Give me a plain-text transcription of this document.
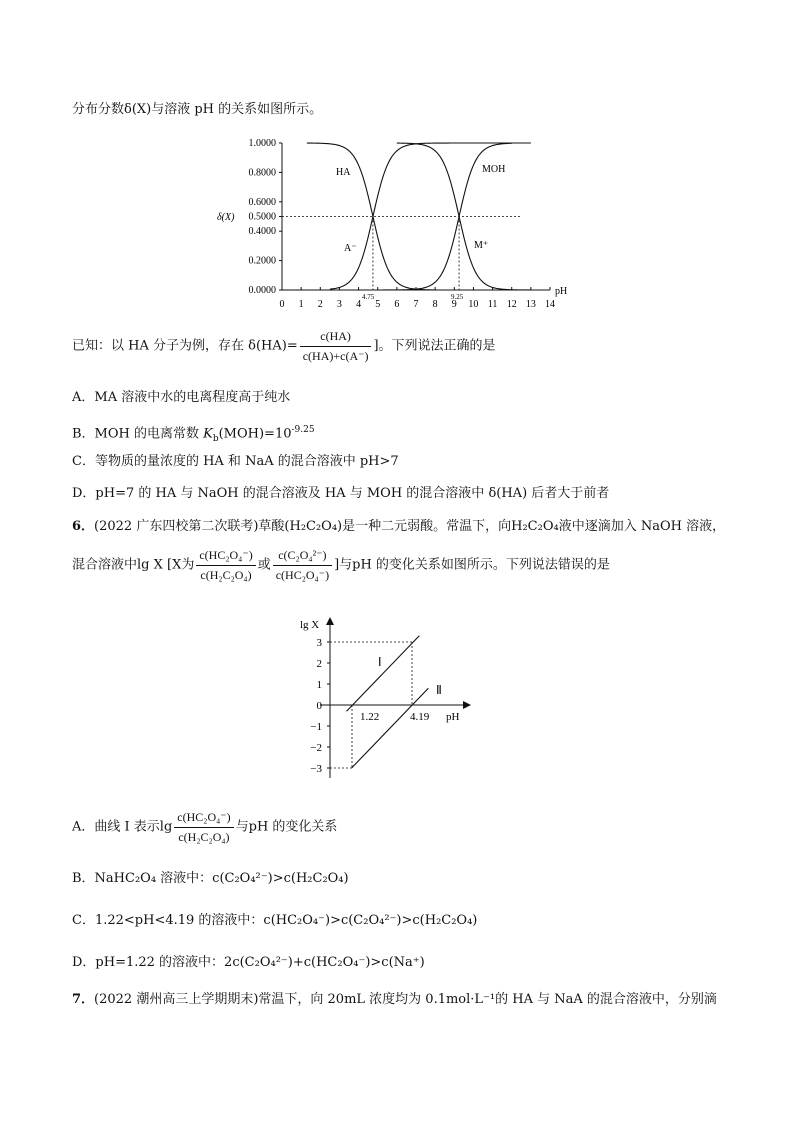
分布分数δ(X)与溶液 pH 的关系如图所示。
1.0000
0.8000
0.6000
0.5000
0.4000
0.2000
0.0000
0 1 2 3 4 5 6 7 8 9 10 11 12 13 14
δ(X)
pH
HA	MOH
A⁻	M⁺
4.75	9.25
已知：以 HA 分子为例，存在 $\delta(HA)= \frac{c(HA)}{c(HA)+c(A^-)}$ ]。下列说法正确的是
A．MA 溶液中水的电离程度高于纯水
B．MOH 的电离常数 $K_b(MOH)=10^{-9.25}$
C．等物质的量浓度的 HA 和 NaA 的混合溶液中 pH>7
D．pH=7 的 HA 与 NaOH 的混合溶液及 HA 与 MOH 的混合溶液中 δ(HA) 后者大于前者
6．(2022 广东四校第二次联考)草酸(H₂C₂O₄)是一种二元弱酸。常温下，向H₂C₂O₄液中逐滴加入 NaOH 溶液，
混合溶液中lg X [X为 $\frac{\text{c(HC₂O₄⁻)}}{\text{c(H₂C₂O₄)}}$ 或 $\frac{\text{c(C₂O₄²⁻)}}{\text{c(HC₂O₄⁻)}}$ ]与pH 的变化关系如图所示。下列说法错误的是
3
2
1
0
−1
−2
−3
lg X
pH
1.22	4.19
Ⅰ
Ⅱ
A．曲线 I 表示$\lg \frac{\text{c(HC₂O₄⁻)}}{\text{c(H₂C₂O₄)}}$ 与pH 的变化关系
B．NaHC₂O₄ 溶液中：c(C₂O₄²⁻)>c(H₂C₂O₄)
C．1.22<pH<4.19 的溶液中：c(HC₂O₄⁻)>c(C₂O₄²⁻)>c(H₂C₂O₄)
D．pH=1.22 的溶液中：2c(C₂O₄²⁻)+c(HC₂O₄⁻)>c(Na⁺)
7．(2022 潮州高三上学期期末)常温下，向 20mL 浓度均为 0.1mol·L⁻¹的 HA 与 NaA 的混合溶液中，分别滴
